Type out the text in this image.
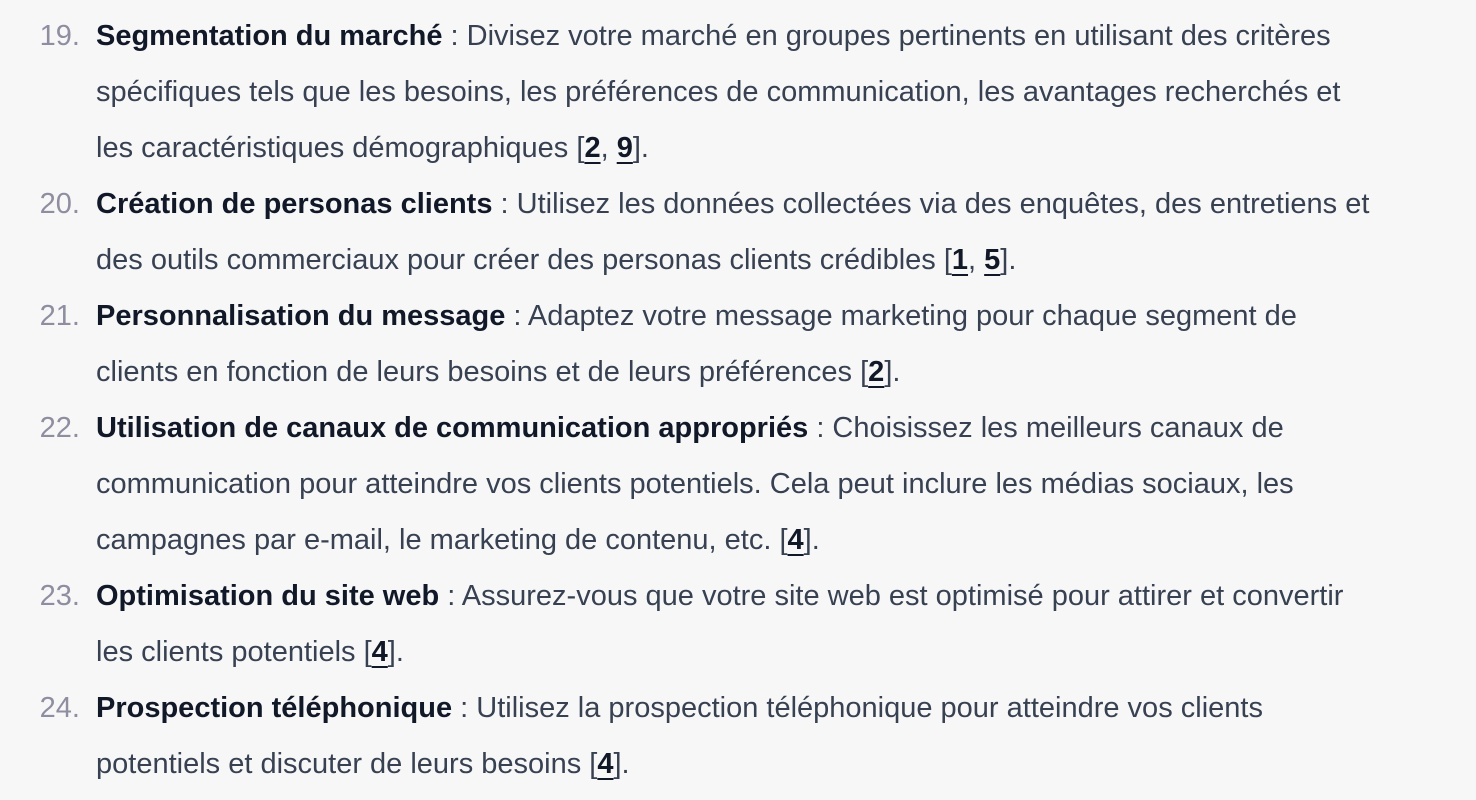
19. Segmentation du marché : Divisez votre marché en groupes pertinents en utilisant des critères spécifiques tels que les besoins, les préférences de communication, les avantages recherchés et les caractéristiques démographiques [2, 9].
20. Création de personas clients : Utilisez les données collectées via des enquêtes, des entretiens et des outils commerciaux pour créer des personas clients crédibles [1, 5].
21. Personnalisation du message : Adaptez votre message marketing pour chaque segment de clients en fonction de leurs besoins et de leurs préférences [2].
22. Utilisation de canaux de communication appropriés : Choisissez les meilleurs canaux de communication pour atteindre vos clients potentiels. Cela peut inclure les médias sociaux, les campagnes par e-mail, le marketing de contenu, etc. [4].
23. Optimisation du site web : Assurez-vous que votre site web est optimisé pour attirer et convertir les clients potentiels [4].
24. Prospection téléphonique : Utilisez la prospection téléphonique pour atteindre vos clients potentiels et discuter de leurs besoins [4].
